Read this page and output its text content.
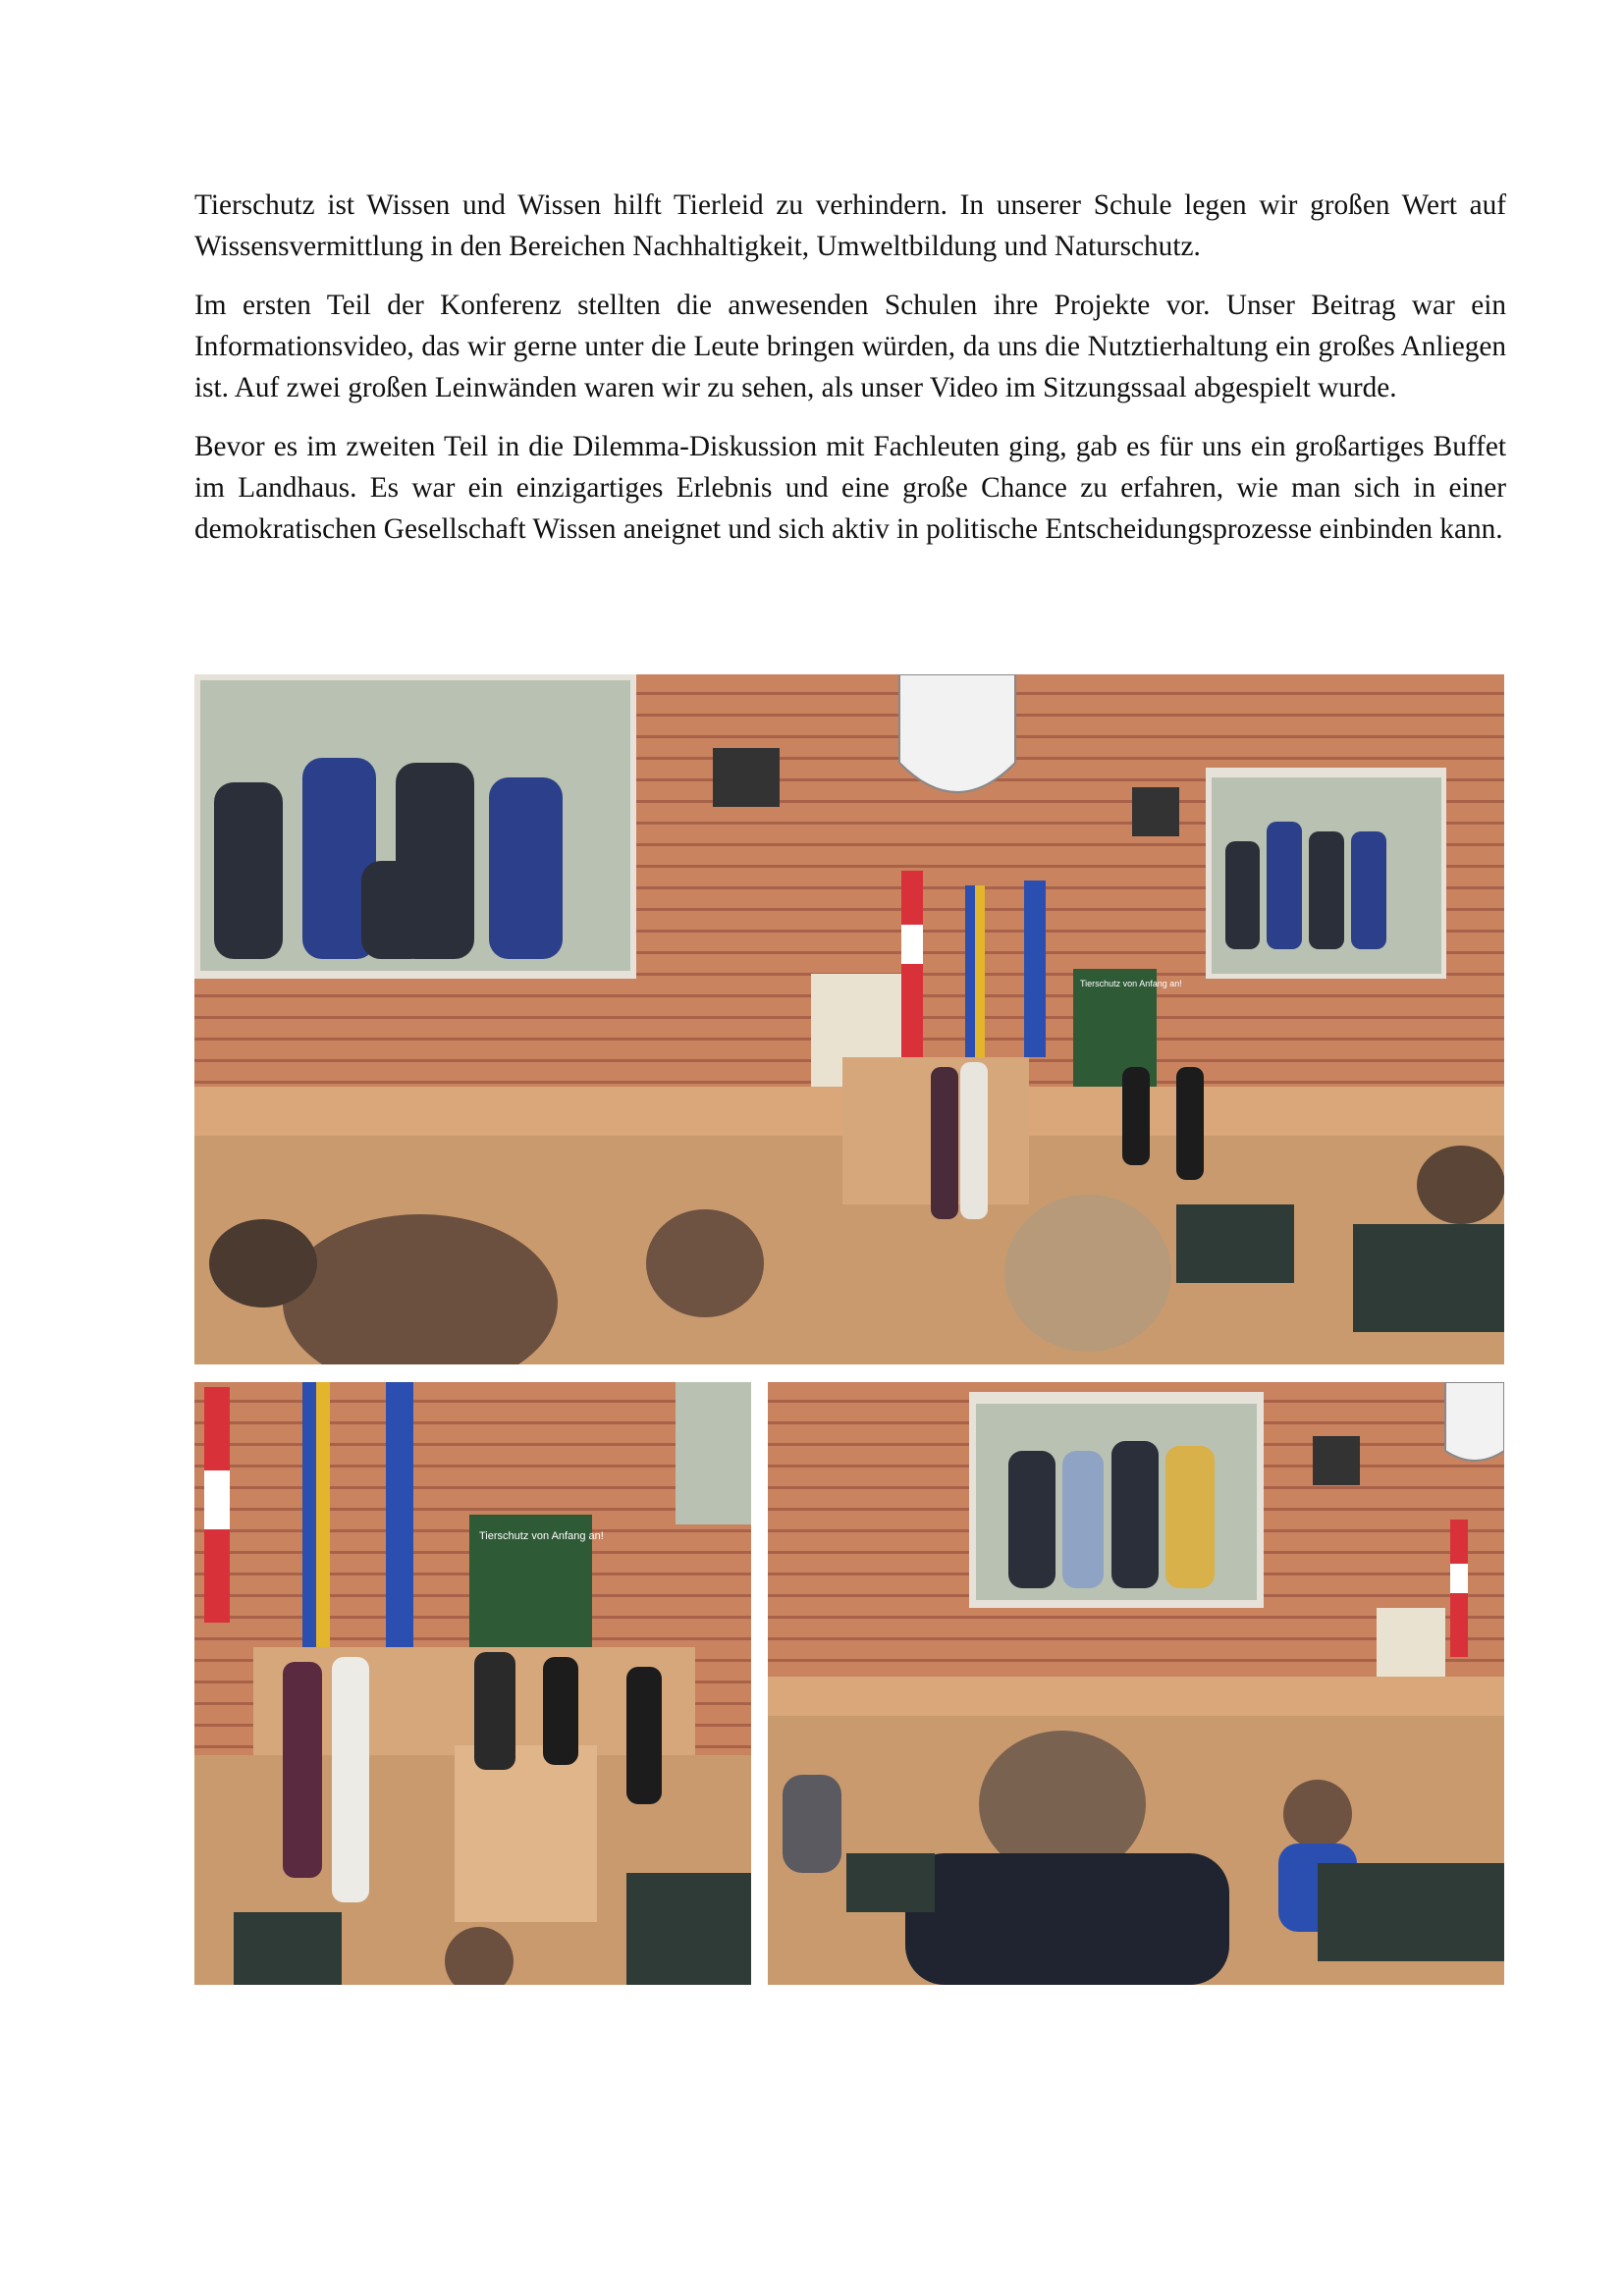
Tierschutz ist Wissen und Wissen hilft Tierleid zu verhindern. In unserer Schule legen wir großen Wert auf Wissensvermittlung in den Bereichen Nachhaltigkeit, Umweltbildung und Naturschutz.

Im ersten Teil der Konferenz stellten die anwesenden Schulen ihre Projekte vor. Unser Beitrag war ein Informationsvideo, das wir gerne unter die Leute bringen würden, da uns die Nutztierhaltung ein großes Anliegen ist. Auf zwei großen Leinwänden waren wir zu sehen, als unser Video im Sitzungssaal abgespielt wurde.

Bevor es im zweiten Teil in die Dilemma-Diskussion mit Fachleuten ging, gab es für uns ein großartiges Buffet im Landhaus. Es war ein einzigartiges Erlebnis und eine große Chance zu erfahren, wie man sich in einer demokratischen Gesellschaft Wissen aneignet und sich aktiv in politische Entscheidungsprozesse einbinden kann.

Tierschutz von Anfang an!
Tierschutz von Anfang an!
